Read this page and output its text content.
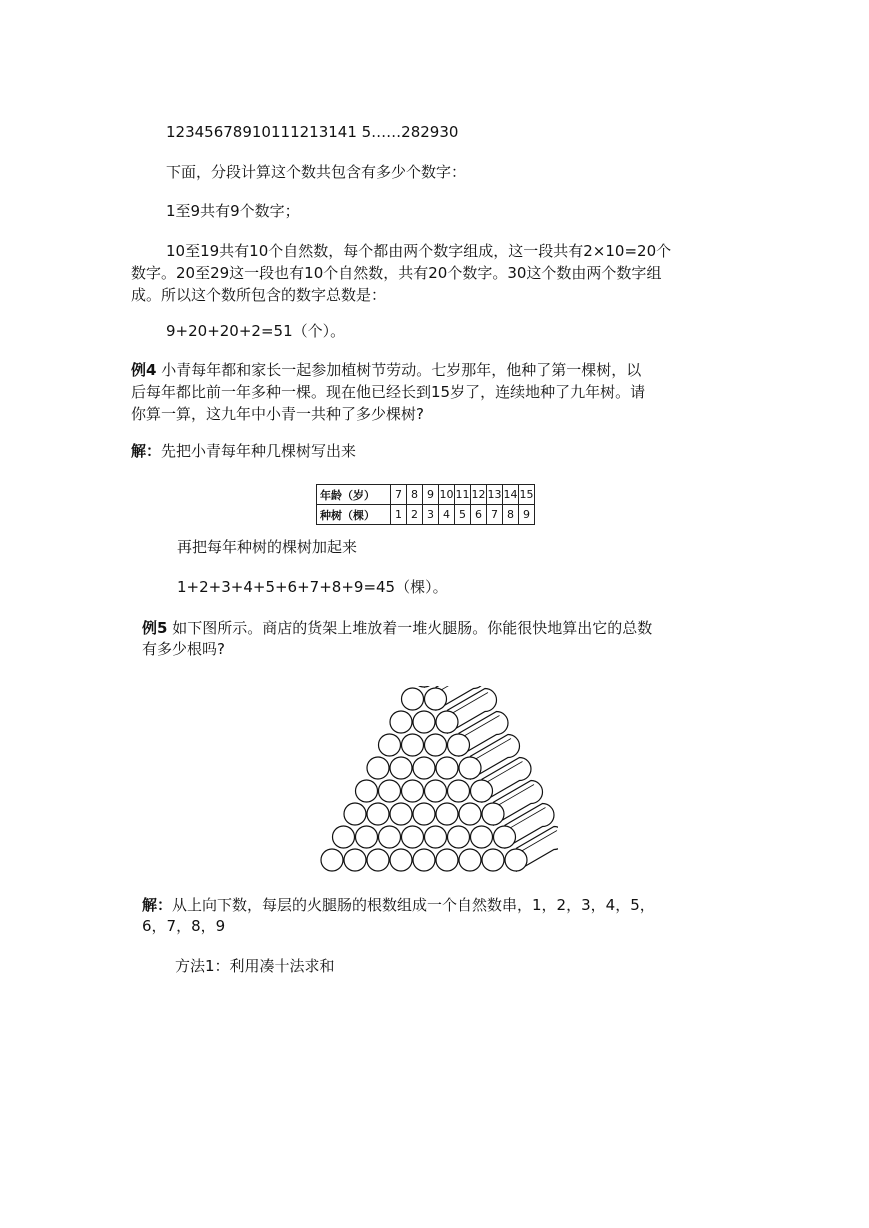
12345678910111213141 5……282930
下面，分段计算这个数共包含有多少个数字：
1至9共有9个数字；
10至19共有10个自然数，每个都由两个数字组成，这一段共有2×10=20个
数字。20至29这一段也有10个自然数，共有20个数字。30这个数由两个数字组
成。所以这个数所包含的数字总数是：
9+20+20+2=51（个）。
例4 小青每年都和家长一起参加植树节劳动。七岁那年，他种了第一棵树，以
后每年都比前一年多种一棵。现在他已经长到15岁了，连续地种了九年树。请
你算一算，这九年中小青一共种了多少棵树?
解：先把小青每年种几棵树写出来
年龄（岁）	7	8	9	10	11	12	13	14	15
种树（棵）	1	2	3	4	5	6	7	8	9
再把每年种树的棵树加起来
1+2+3+4+5+6+7+8+9=45（棵）。
例5 如下图所示。商店的货架上堆放着一堆火腿肠。你能很快地算出它的总数
有多少根吗?
解：从上向下数，每层的火腿肠的根数组成一个自然数串，1，2，3，4，5，
6，7，8，9
方法1：利用凑十法求和
